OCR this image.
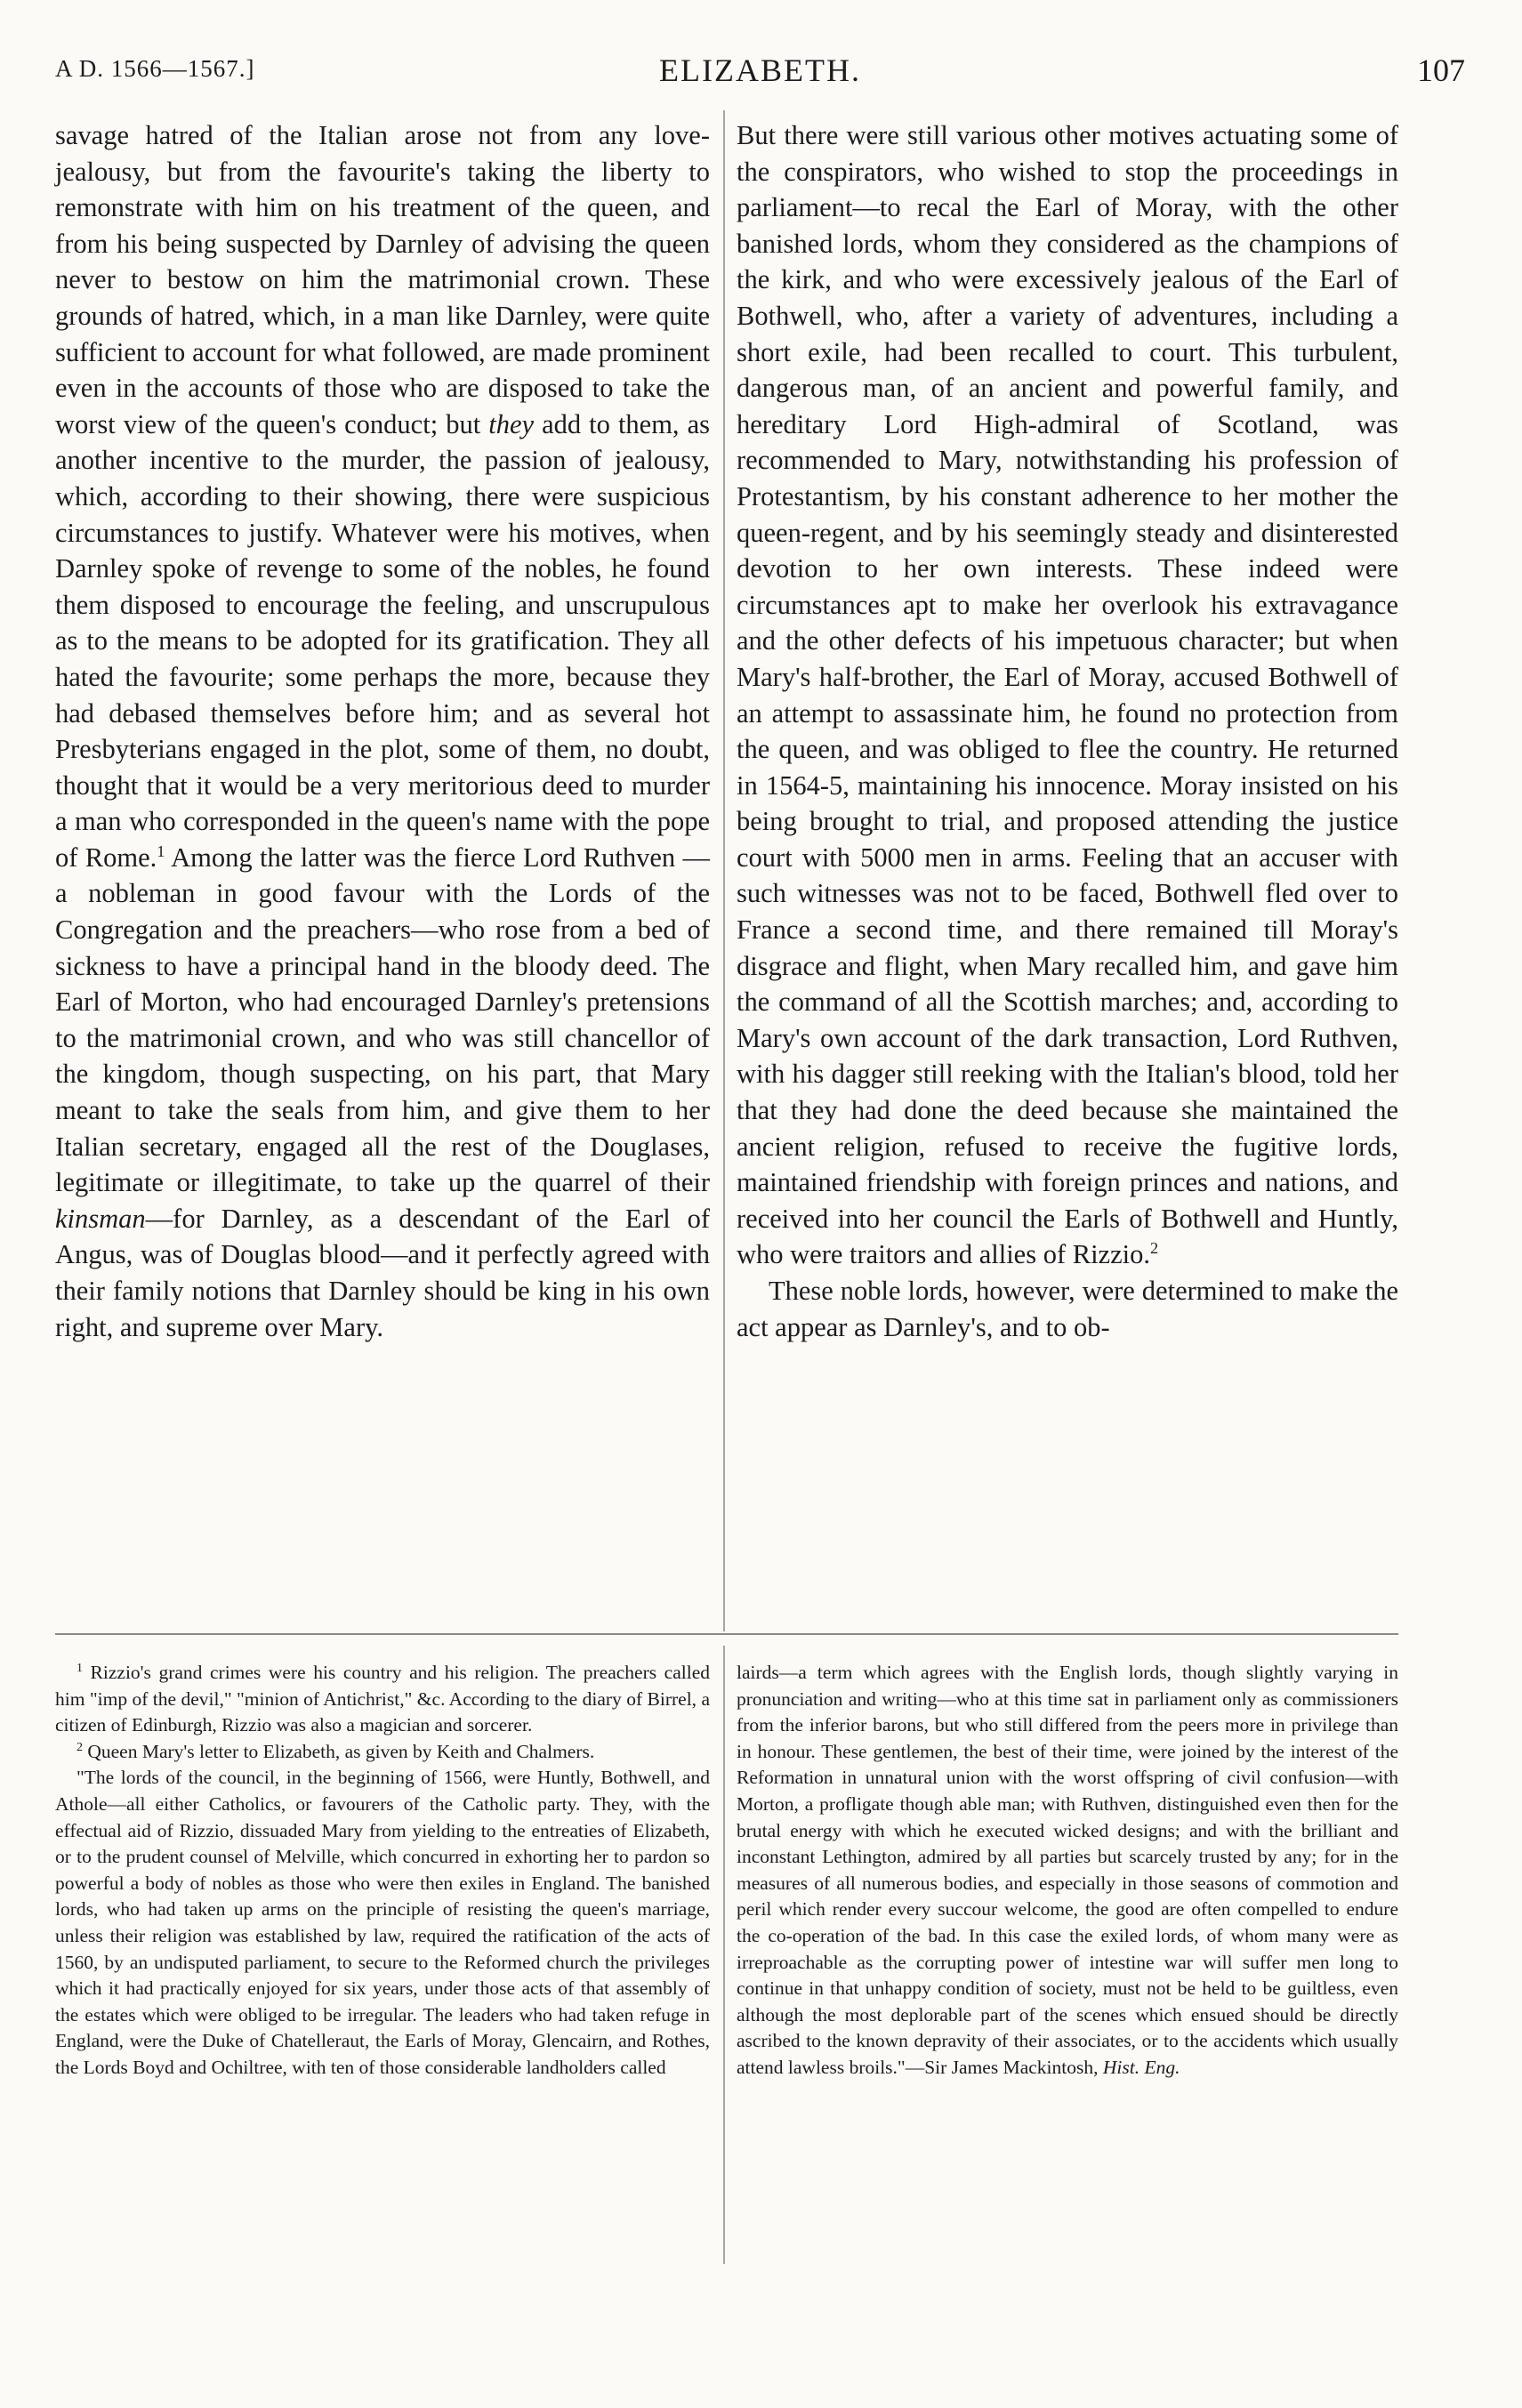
A D. 1566—1567.]	ELIZABETH.	107

savage hatred of the Italian arose not from any love-jealousy, but from the favourite's taking the liberty to remonstrate with him on his treatment of the queen, and from his being suspected by Darnley of advising the queen never to bestow on him the matrimonial crown. These grounds of hatred, which, in a man like Darnley, were quite sufficient to account for what followed, are made prominent even in the accounts of those who are disposed to take the worst view of the queen's conduct; but they add to them, as another incentive to the murder, the passion of jealousy, which, according to their showing, there were suspicious circumstances to justify. Whatever were his motives, when Darnley spoke of revenge to some of the nobles, he found them disposed to encourage the feeling, and unscrupulous as to the means to be adopted for its gratification. They all hated the favourite; some perhaps the more, because they had debased themselves before him; and as several hot Presbyterians engaged in the plot, some of them, no doubt, thought that it would be a very meritorious deed to murder a man who corresponded in the queen's name with the pope of Rome.$^1$ Among the latter was the fierce Lord Ruthven —a nobleman in good favour with the Lords of the Congregation and the preachers—who rose from a bed of sickness to have a principal hand in the bloody deed. The Earl of Morton, who had encouraged Darnley's pretensions to the matrimonial crown, and who was still chancellor of the kingdom, though suspecting, on his part, that Mary meant to take the seals from him, and give them to her Italian secretary, engaged all the rest of the Douglases, legitimate or illegitimate, to take up the quarrel of their kinsman—for Darnley, as a descendant of the Earl of Angus, was of Douglas blood—and it perfectly agreed with their family notions that Darnley should be king in his own right, and supreme over Mary.

But there were still various other motives actuating some of the conspirators, who wished to stop the proceedings in parliament—to recal the Earl of Moray, with the other banished lords, whom they considered as the champions of the kirk, and who were excessively jealous of the Earl of Bothwell, who, after a variety of adventures, including a short exile, had been recalled to court. This turbulent, dangerous man, of an ancient and powerful family, and hereditary Lord High-admiral of Scotland, was recommended to Mary, notwithstanding his profession of Protestantism, by his constant adherence to her mother the queen-regent, and by his seemingly steady and disinterested devotion to her own interests. These indeed were circumstances apt to make her overlook his extravagance and the other defects of his impetuous character; but when Mary's half-brother, the Earl of Moray, accused Bothwell of an attempt to assassinate him, he found no protection from the queen, and was obliged to flee the country. He returned in 1564-5, maintaining his innocence. Moray insisted on his being brought to trial, and proposed attending the justice court with 5000 men in arms. Feeling that an accuser with such witnesses was not to be faced, Bothwell fled over to France a second time, and there remained till Moray's disgrace and flight, when Mary recalled him, and gave him the command of all the Scottish marches; and, according to Mary's own account of the dark transaction, Lord Ruthven, with his dagger still reeking with the Italian's blood, told her that they had done the deed because she maintained the ancient religion, refused to receive the fugitive lords, maintained friendship with foreign princes and nations, and received into her council the Earls of Bothwell and Huntly, who were traitors and allies of Rizzio.$^2$

These noble lords, however, were determined to make the act appear as Darnley's, and to ob-

$^1$ Rizzio's grand crimes were his country and his religion. The preachers called him "imp of the devil," "minion of Antichrist," &c. According to the diary of Birrel, a citizen of Edinburgh, Rizzio was also a magician and sorcerer.

$^2$ Queen Mary's letter to Elizabeth, as given by Keith and Chalmers.

"The lords of the council, in the beginning of 1566, were Huntly, Bothwell, and Athole—all either Catholics, or favourers of the Catholic party. They, with the effectual aid of Rizzio, dissuaded Mary from yielding to the entreaties of Elizabeth, or to the prudent counsel of Melville, which concurred in exhorting her to pardon so powerful a body of nobles as those who were then exiles in England. The banished lords, who had taken up arms on the principle of resisting the queen's marriage, unless their religion was established by law, required the ratification of the acts of 1560, by an undisputed parliament, to secure to the Reformed church the privileges which it had practically enjoyed for six years, under those acts of that assembly of the estates which were obliged to be irregular. The leaders who had taken refuge in England, were the Duke of Chatelleraut, the Earls of Moray, Glencairn, and Rothes, the Lords Boyd and Ochiltree, with ten of those considerable landholders called

lairds—a term which agrees with the English lords, though slightly varying in pronunciation and writing—who at this time sat in parliament only as commissioners from the inferior barons, but who still differed from the peers more in privilege than in honour. These gentlemen, the best of their time, were joined by the interest of the Reformation in unnatural union with the worst offspring of civil confusion—with Morton, a profligate though able man; with Ruthven, distinguished even then for the brutal energy with which he executed wicked designs; and with the brilliant and inconstant Lethington, admired by all parties but scarcely trusted by any; for in the measures of all numerous bodies, and especially in those seasons of commotion and peril which render every succour welcome, the good are often compelled to endure the co-operation of the bad. In this case the exiled lords, of whom many were as irreproachable as the corrupting power of intestine war will suffer men long to continue in that unhappy condition of society, must not be held to be guiltless, even although the most deplorable part of the scenes which ensued should be directly ascribed to the known depravity of their associates, or to the accidents which usually attend lawless broils."—Sir James Mackintosh, Hist. Eng.
